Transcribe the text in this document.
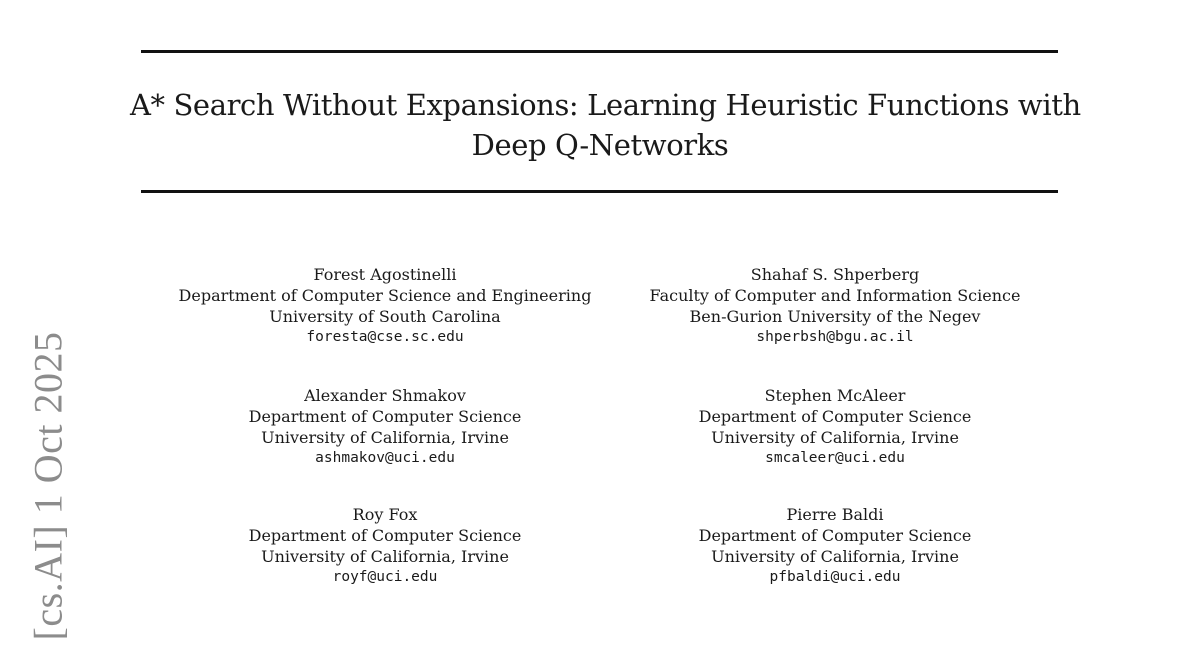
A* Search Without Expansions: Learning Heuristic Functions with
Deep Q-Networks
Forest Agostinelli
Department of Computer Science and Engineering
University of South Carolina
foresta@cse.sc.edu
Shahaf S. Shperberg
Faculty of Computer and Information Science
Ben-Gurion University of the Negev
shperbsh@bgu.ac.il
Alexander Shmakov
Department of Computer Science
University of California, Irvine
ashmakov@uci.edu
Stephen McAleer
Department of Computer Science
University of California, Irvine
smcaleer@uci.edu
Roy Fox
Department of Computer Science
University of California, Irvine
royf@uci.edu
Pierre Baldi
Department of Computer Science
University of California, Irvine
pfbaldi@uci.edu
[cs.AI] 1 Oct 2025
